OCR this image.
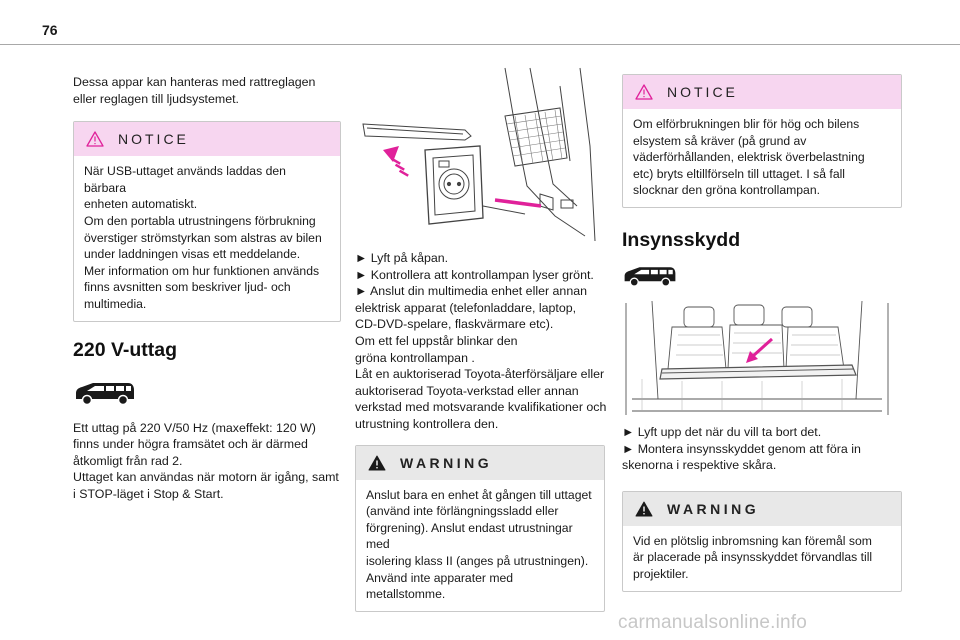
76

Dessa appar kan hanteras med rattreglagen eller reglagen till ljudsystemet.

NOTICE
När USB-uttaget används laddas den bärbara
enheten automatiskt.
Om den portabla utrustningens förbrukning
överstiger strömstyrkan som alstras av bilen
under laddningen visas ett meddelande.
Mer information om hur funktionen används
finns avsnitten som beskriver ljud- och
multimedia.
220 V-uttag
Ett uttag på 220 V/50 Hz (maxeffekt: 120 W)
finns under högra framsätet och är därmed
åtkomligt från rad 2.
Uttaget kan användas när motorn är igång, samt
i STOP-läget i Stop & Start.
► Lyft på kåpan.
► Kontrollera att kontrollampan lyser grönt.
► Anslut din multimedia enhet eller annan
elektrisk apparat (telefonladdare, laptop,
CD-DVD-spelare, flaskvärmare etc).
Om ett fel uppstår blinkar den
gröna kontrollampan .
Låt en auktoriserad Toyota-återförsäljare eller
auktoriserad Toyota-verkstad eller annan
verkstad med motsvarande kvalifikationer och
utrustning kontrollera den.
WARNING
Anslut bara en enhet åt gången till uttaget
(använd inte förlängningssladd eller
förgrening). Anslut endast utrustningar med
isolering klass II (anges på utrustningen).
Använd inte apparater med metallstomme.
NOTICE
Om elförbrukningen blir för hög och bilens
elsystem så kräver (på grund av
väderförhållanden, elektrisk överbelastning
etc) bryts eltillförseln till uttaget. I så fall
slocknar den gröna kontrollampan.
Insynsskydd
► Lyft upp det när du vill ta bort det.
► Montera insynsskyddet genom att föra in
skenorna i respektive skåra.
WARNING
Vid en plötslig inbromsning kan föremål som
är placerade på insynsskyddet förvandlas till
projektiler.
carmanualsonline.info
